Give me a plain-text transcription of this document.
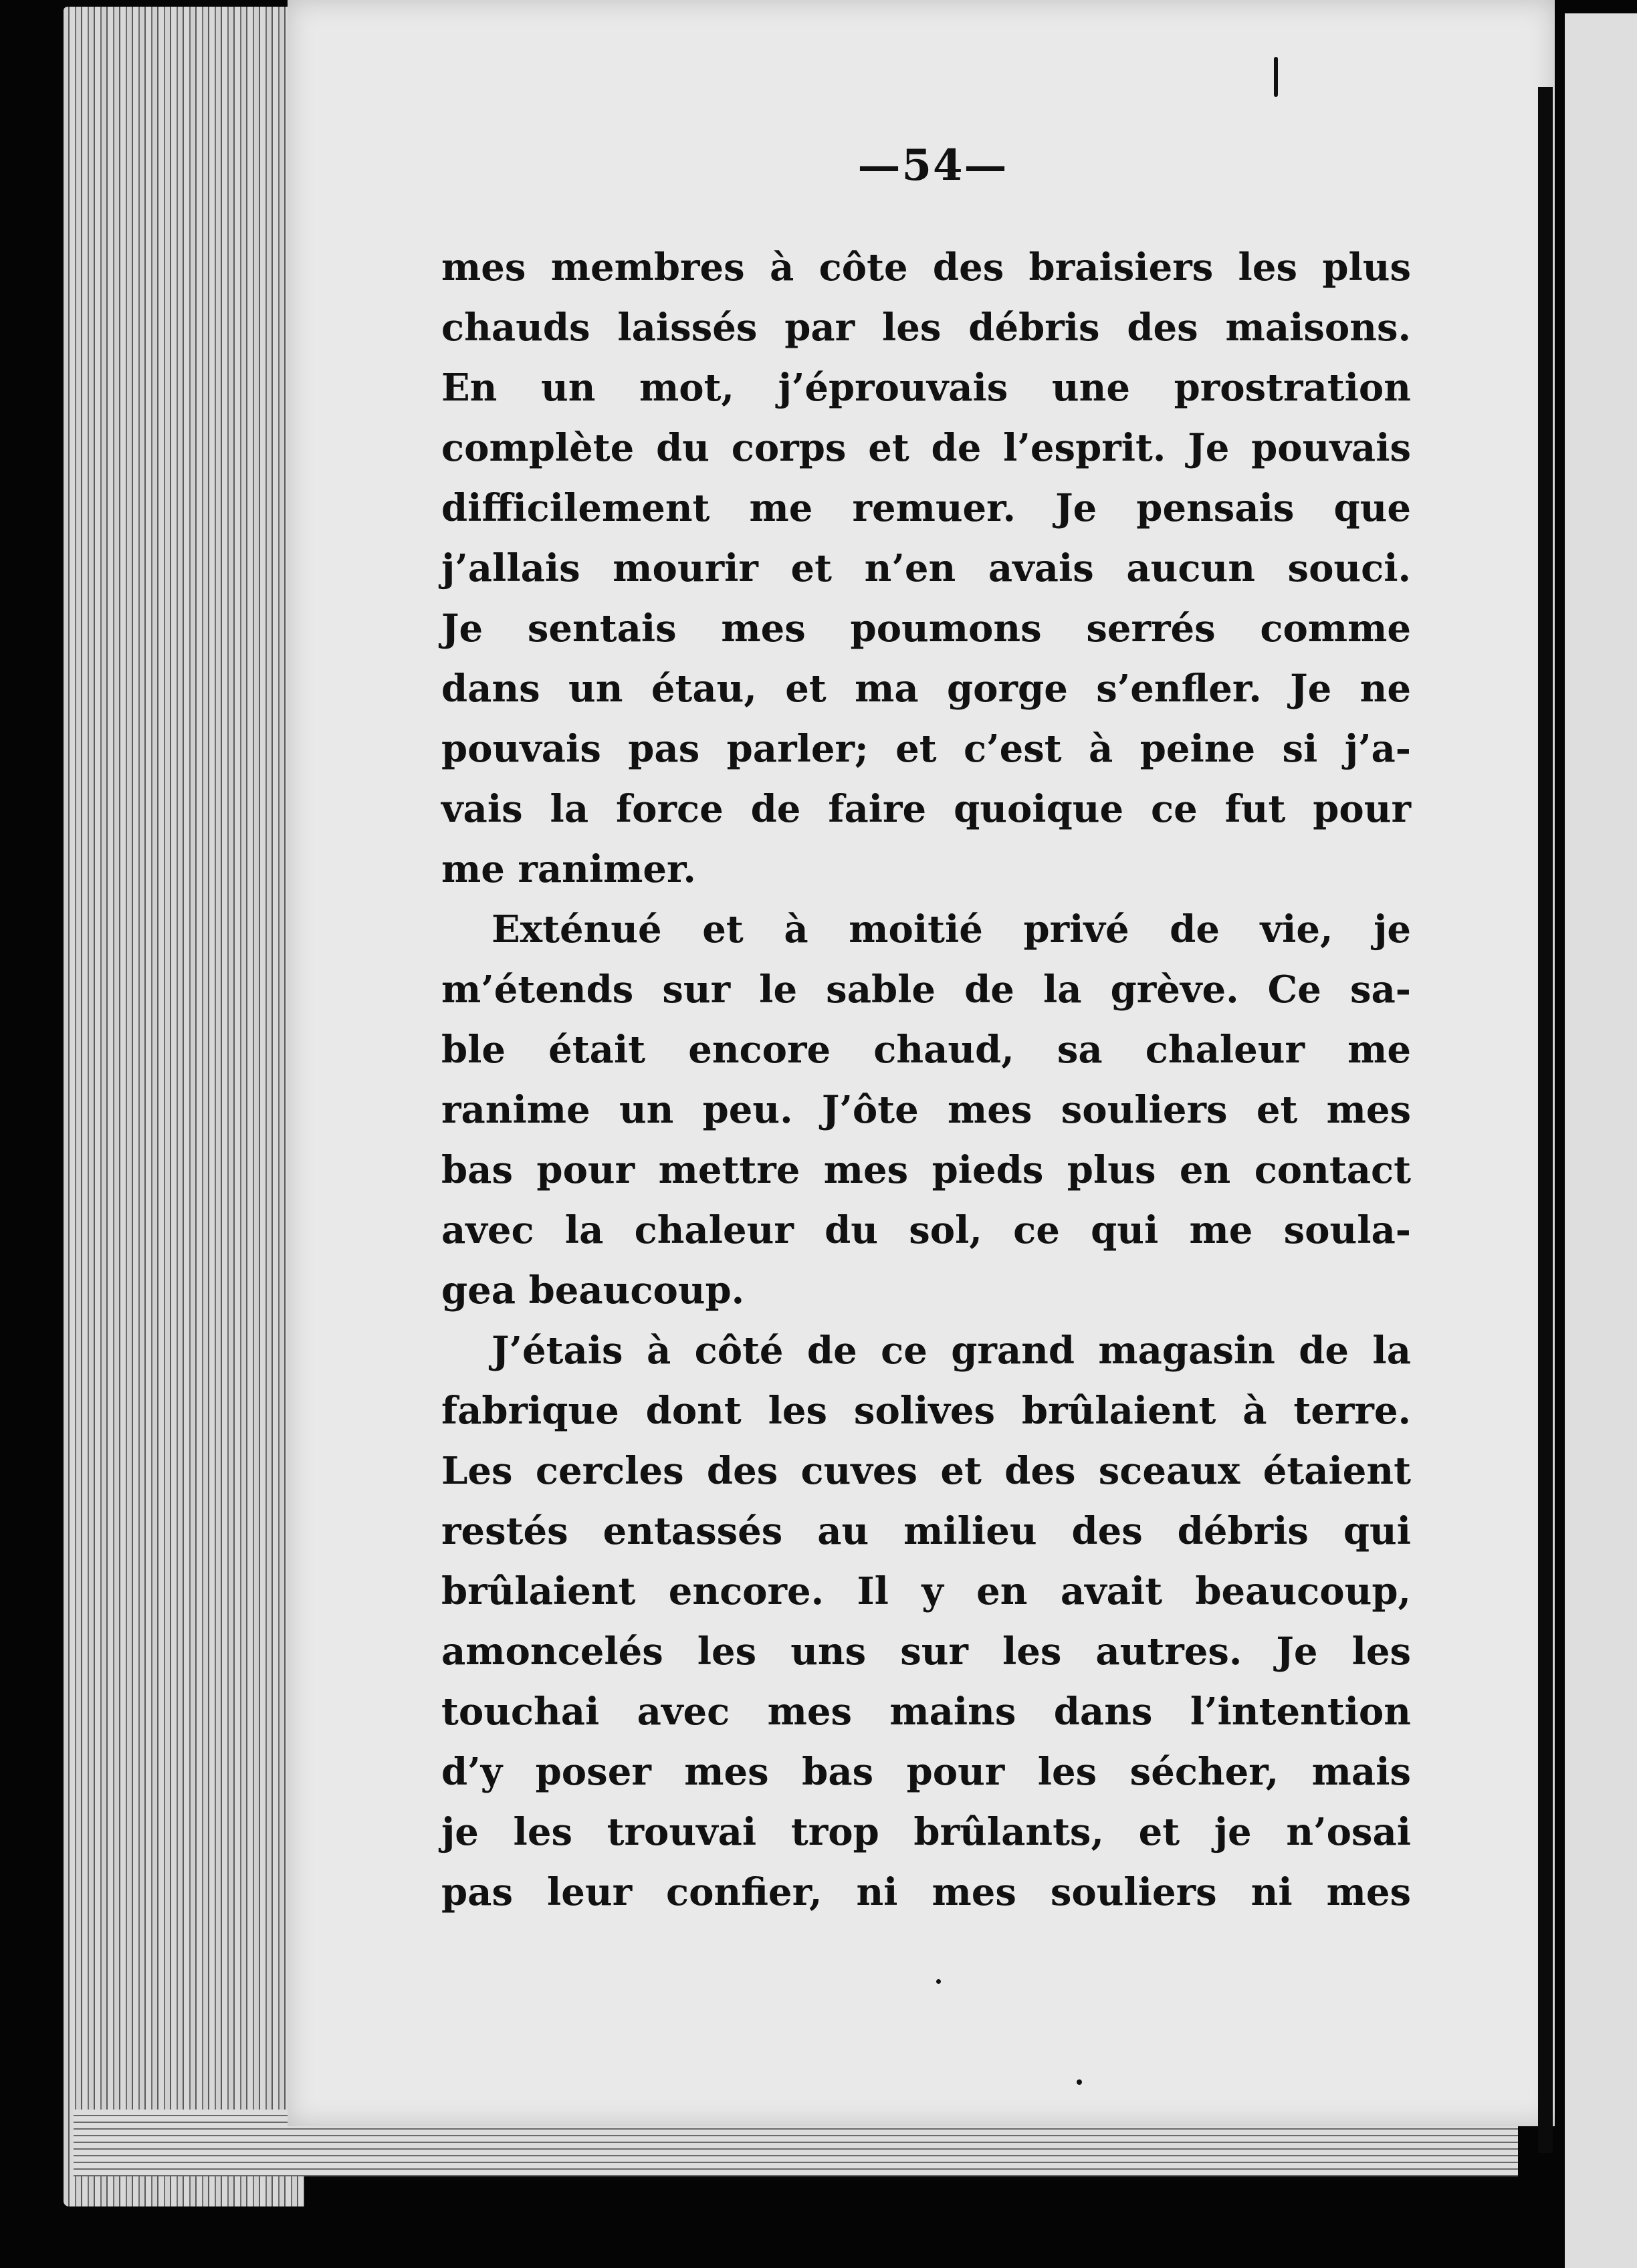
—54—
mes membres à côte des braisiers les plus
chauds laissés par les débris des maisons.
En un mot, j’éprouvais une prostration
complète du corps et de l’esprit. Je pouvais
difficilement me remuer. Je pensais que
j’allais mourir et n’en avais aucun souci.
Je sentais mes poumons serrés comme
dans un étau, et ma gorge s’enfler. Je ne
pouvais pas parler; et c’est à peine si j’a-
vais la force de faire quoique ce fut pour
me ranimer.
Exténué et à moitié privé de vie, je
m’étends sur le sable de la grève. Ce sa-
ble était encore chaud, sa chaleur me
ranime un peu. J’ôte mes souliers et mes
bas pour mettre mes pieds plus en contact
avec la chaleur du sol, ce qui me soula-
gea beaucoup.
J’étais à côté de ce grand magasin de la
fabrique dont les solives brûlaient à terre.
Les cercles des cuves et des sceaux étaient
restés entassés au milieu des débris qui
brûlaient encore. Il y en avait beaucoup,
amoncelés les uns sur les autres. Je les
touchai avec mes mains dans l’intention
d’y poser mes bas pour les sécher, mais
je les trouvai trop brûlants, et je n’osai
pas leur confier, ni mes souliers ni mes
